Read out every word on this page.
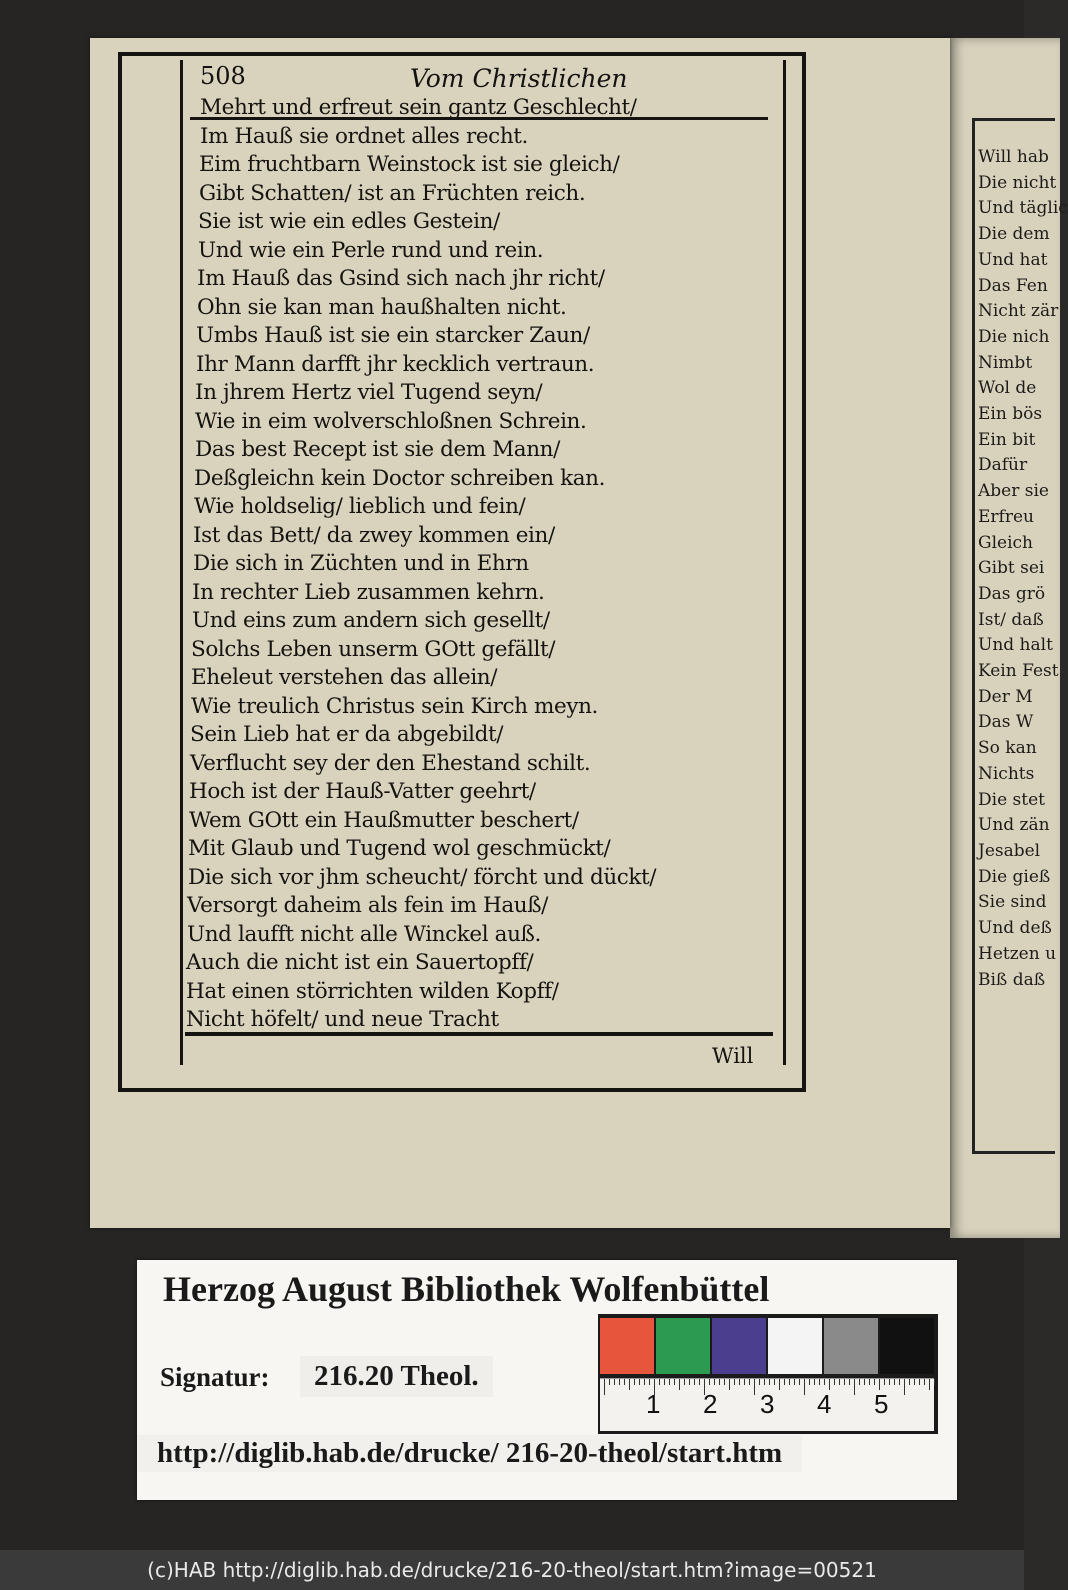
Will hab
Die nicht
Und täglic
Die dem
Und hat
Das Fen
Nicht zär
Die nich
Nimbt
Wol de
Ein bös
Ein bit
Dafür
Aber sie
Erfreu
Gleich
Gibt sei
Das grö
Ist/ daß
Und halt
Kein Fest
Der M
Das W
So kan
Nichts
Die stet
Und zän
Jesabel
Die gieß
Sie sind
Und deß
Hetzen u
Biß daß
508	Vom Christlichen
Mehrt und erfreut sein gantz Geschlecht/
Im Hauß sie ordnet alles recht.
Eim fruchtbarn Weinstock ist sie gleich/
Gibt Schatten/ ist an Früchten reich.
Sie ist wie ein edles Gestein/
Und wie ein Perle rund und rein.
Im Hauß das Gsind sich nach jhr richt/
Ohn sie kan man haußhalten nicht.
Umbs Hauß ist sie ein starcker Zaun/
Ihr Mann darfft jhr kecklich vertraun.
In jhrem Hertz viel Tugend seyn/
Wie in eim wolverschloßnen Schrein.
Das best Recept ist sie dem Mann/
Deßgleichn kein Doctor schreiben kan.
Wie holdselig/ lieblich und fein/
Ist das Bett/ da zwey kommen ein/
Die sich in Züchten und in Ehrn
In rechter Lieb zusammen kehrn.
Und eins zum andern sich gesellt/
Solchs Leben unserm GOtt gefällt/
Eheleut verstehen das allein/
Wie treulich Christus sein Kirch meyn.
Sein Lieb hat er da abgebildt/
Verflucht sey der den Ehestand schilt.
Hoch ist der Hauß-Vatter geehrt/
Wem GOtt ein Haußmutter beschert/
Mit Glaub und Tugend wol geschmückt/
Die sich vor jhm scheucht/ förcht und dückt/
Versorgt daheim als fein im Hauß/
Und laufft nicht alle Winckel auß.
Auch die nicht ist ein Sauertopff/
Hat einen störrichten wilden Kopff/
Nicht höfelt/ und neue Tracht
Will
Herzog August Bibliothek Wolfenbüttel
Signatur:	216.20 Theol.
http://diglib.hab.de/drucke/ 216-20-theol/start.htm
1 2 3 4 5
(c)HAB http://diglib.hab.de/drucke/216-20-theol/start.htm?image=00521
